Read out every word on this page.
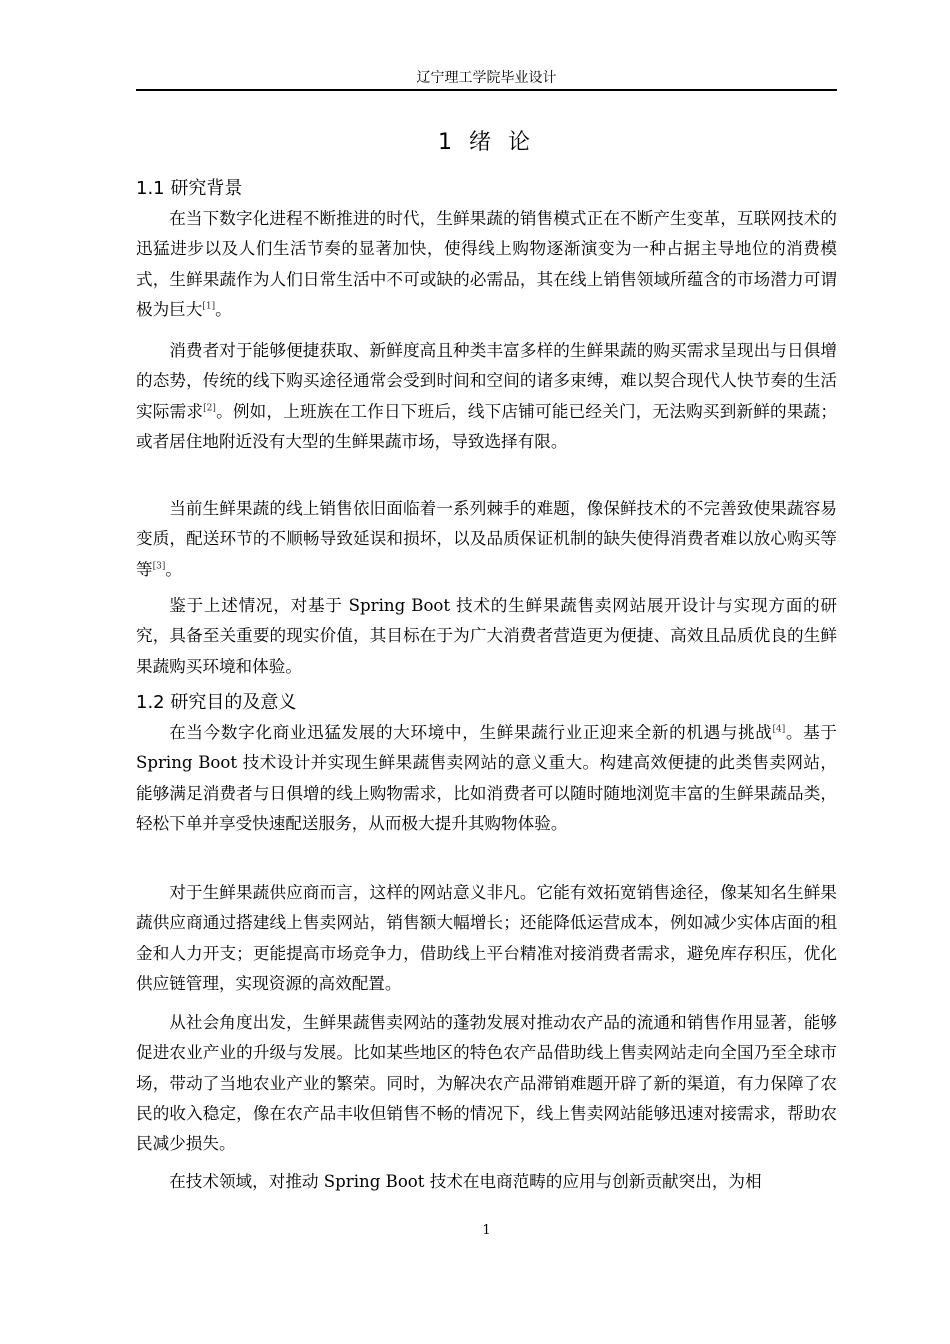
辽宁理工学院毕业设计
1 绪 论
1.1 研究背景

在当下数字化进程不断推进的时代，生鲜果蔬的销售模式正在不断产生变革，互联网技术的迅猛进步以及人们生活节奏的显著加快，使得线上购物逐渐演变为一种占据主导地位的消费模式，生鲜果蔬作为人们日常生活中不可或缺的必需品，其在线上销售领域所蕴含的市场潜力可谓极为巨大[1]。

消费者对于能够便捷获取、新鲜度高且种类丰富多样的生鲜果蔬的购买需求呈现出与日俱增的态势，传统的线下购买途径通常会受到时间和空间的诸多束缚，难以契合现代人快节奏的生活实际需求[2]。例如，上班族在工作日下班后，线下店铺可能已经关门，无法购买到新鲜的果蔬；或者居住地附近没有大型的生鲜果蔬市场，导致选择有限。

当前生鲜果蔬的线上销售依旧面临着一系列棘手的难题，像保鲜技术的不完善致使果蔬容易变质，配送环节的不顺畅导致延误和损坏，以及品质保证机制的缺失使得消费者难以放心购买等等[3]。

鉴于上述情况，对基于 Spring Boot 技术的生鲜果蔬售卖网站展开设计与实现方面的研究，具备至关重要的现实价值，其目标在于为广大消费者营造更为便捷、高效且品质优良的生鲜果蔬购买环境和体验。

1.2 研究目的及意义

在当今数字化商业迅猛发展的大环境中，生鲜果蔬行业正迎来全新的机遇与挑战[4]。基于 Spring Boot 技术设计并实现生鲜果蔬售卖网站的意义重大。构建高效便捷的此类售卖网站，能够满足消费者与日俱增的线上购物需求，比如消费者可以随时随地浏览丰富的生鲜果蔬品类，轻松下单并享受快速配送服务，从而极大提升其购物体验。

对于生鲜果蔬供应商而言，这样的网站意义非凡。它能有效拓宽销售途径，像某知名生鲜果蔬供应商通过搭建线上售卖网站，销售额大幅增长；还能降低运营成本，例如减少实体店面的租金和人力开支；更能提高市场竞争力，借助线上平台精准对接消费者需求，避免库存积压，优化供应链管理，实现资源的高效配置。

从社会角度出发，生鲜果蔬售卖网站的蓬勃发展对推动农产品的流通和销售作用显著，能够促进农业产业的升级与发展。比如某些地区的特色农产品借助线上售卖网站走向全国乃至全球市场，带动了当地农业产业的繁荣。同时，为解决农产品滞销难题开辟了新的渠道，有力保障了农民的收入稳定，像在农产品丰收但销售不畅的情况下，线上售卖网站能够迅速对接需求，帮助农民减少损失。

在技术领域，对推动 Spring Boot 技术在电商范畴的应用与创新贡献突出，为相

1
